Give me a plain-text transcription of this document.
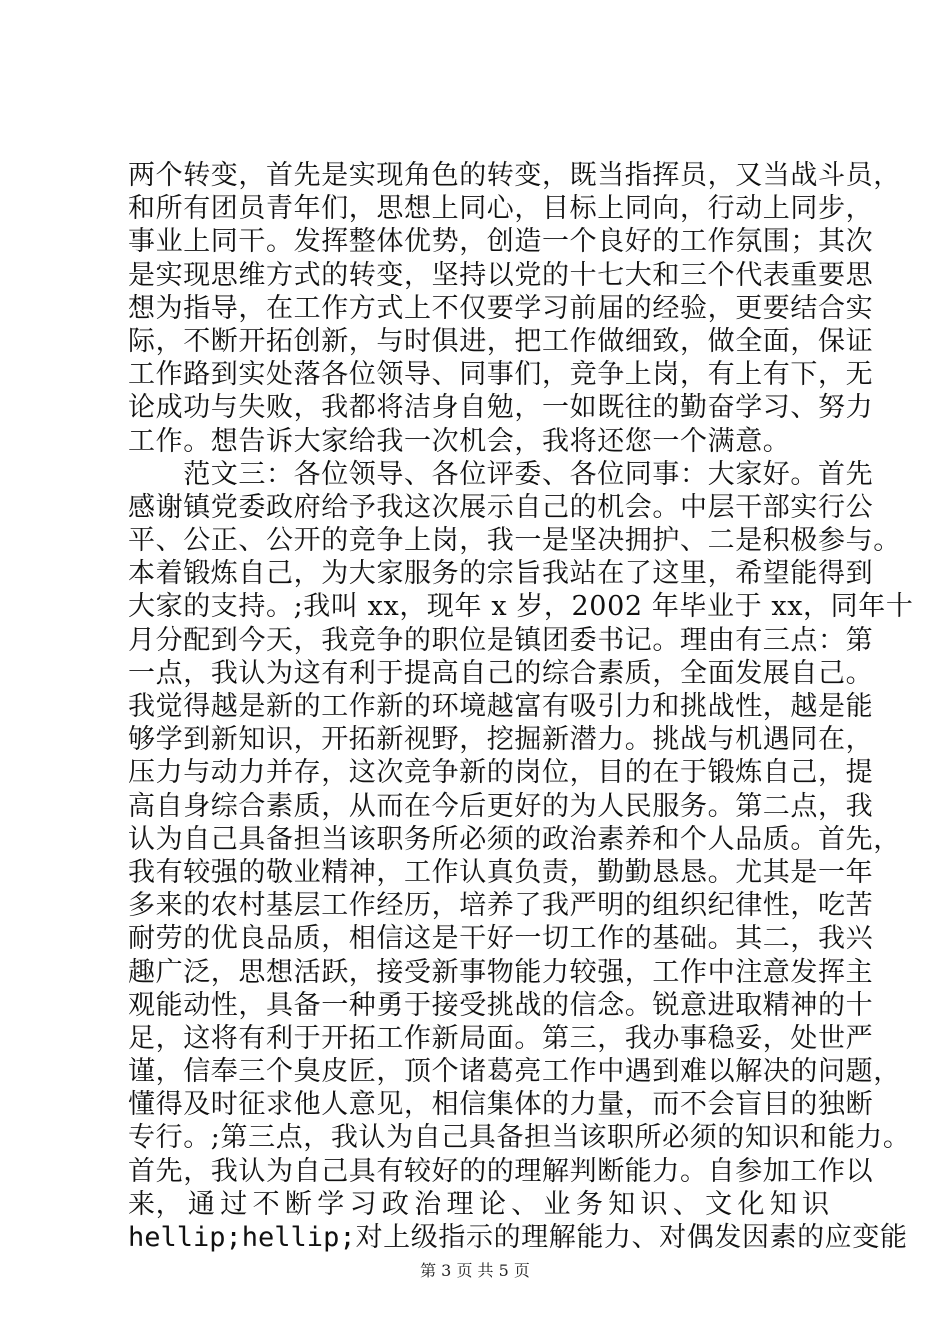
两个转变，首先是实现角色的转变，既当指挥员，又当战斗员，
和所有团员青年们，思想上同心，目标上同向，行动上同步，
事业上同干。发挥整体优势，创造一个良好的工作氛围；其次
是实现思维方式的转变，坚持以党的十七大和三个代表重要思
想为指导，在工作方式上不仅要学习前届的经验，更要结合实
际，不断开拓创新，与时俱进，把工作做细致，做全面，保证
工作路到实处落各位领导、同事们，竞争上岗，有上有下，无
论成功与失败，我都将洁身自勉，一如既往的勤奋学习、努力
工作。想告诉大家给我一次机会，我将还您一个满意。
　　范文三：各位领导、各位评委、各位同事：大家好。首先
感谢镇党委政府给予我这次展示自己的机会。中层干部实行公
平、公正、公开的竞争上岗，我一是坚决拥护、二是积极参与。
本着锻炼自己，为大家服务的宗旨我站在了这里，希望能得到
大家的支持。;我叫 xx，现年 x 岁，2002 年毕业于 xx，同年十
月分配到今天，我竞争的职位是镇团委书记。理由有三点：第
一点，我认为这有利于提高自己的综合素质，全面发展自己。
我觉得越是新的工作新的环境越富有吸引力和挑战性，越是能
够学到新知识，开拓新视野，挖掘新潜力。挑战与机遇同在，
压力与动力并存，这次竞争新的岗位，目的在于锻炼自己，提
高自身综合素质，从而在今后更好的为人民服务。第二点，我
认为自己具备担当该职务所必须的政治素养和个人品质。首先，
我有较强的敬业精神，工作认真负责，勤勤恳恳。尤其是一年
多来的农村基层工作经历，培养了我严明的组织纪律性，吃苦
耐劳的优良品质，相信这是干好一切工作的基础。其二，我兴
趣广泛，思想活跃，接受新事物能力较强，工作中注意发挥主
观能动性，具备一种勇于接受挑战的信念。锐意进取精神的十
足，这将有利于开拓工作新局面。第三，我办事稳妥，处世严
谨，信奉三个臭皮匠，顶个诸葛亮工作中遇到难以解决的问题，
懂得及时征求他人意见，相信集体的力量，而不会盲目的独断
专行。;第三点，我认为自己具备担当该职所必须的知识和能力。
首先，我认为自己具有较好的的理解判断能力。自参加工作以
来， 通 过 不 断 学 习 政 治 理 论 、 业 务 知 识 、 文 化 知 识
hellip;hellip;对上级指示的理解能力、对偶发因素的应变能
第 3 页 共 5 页
